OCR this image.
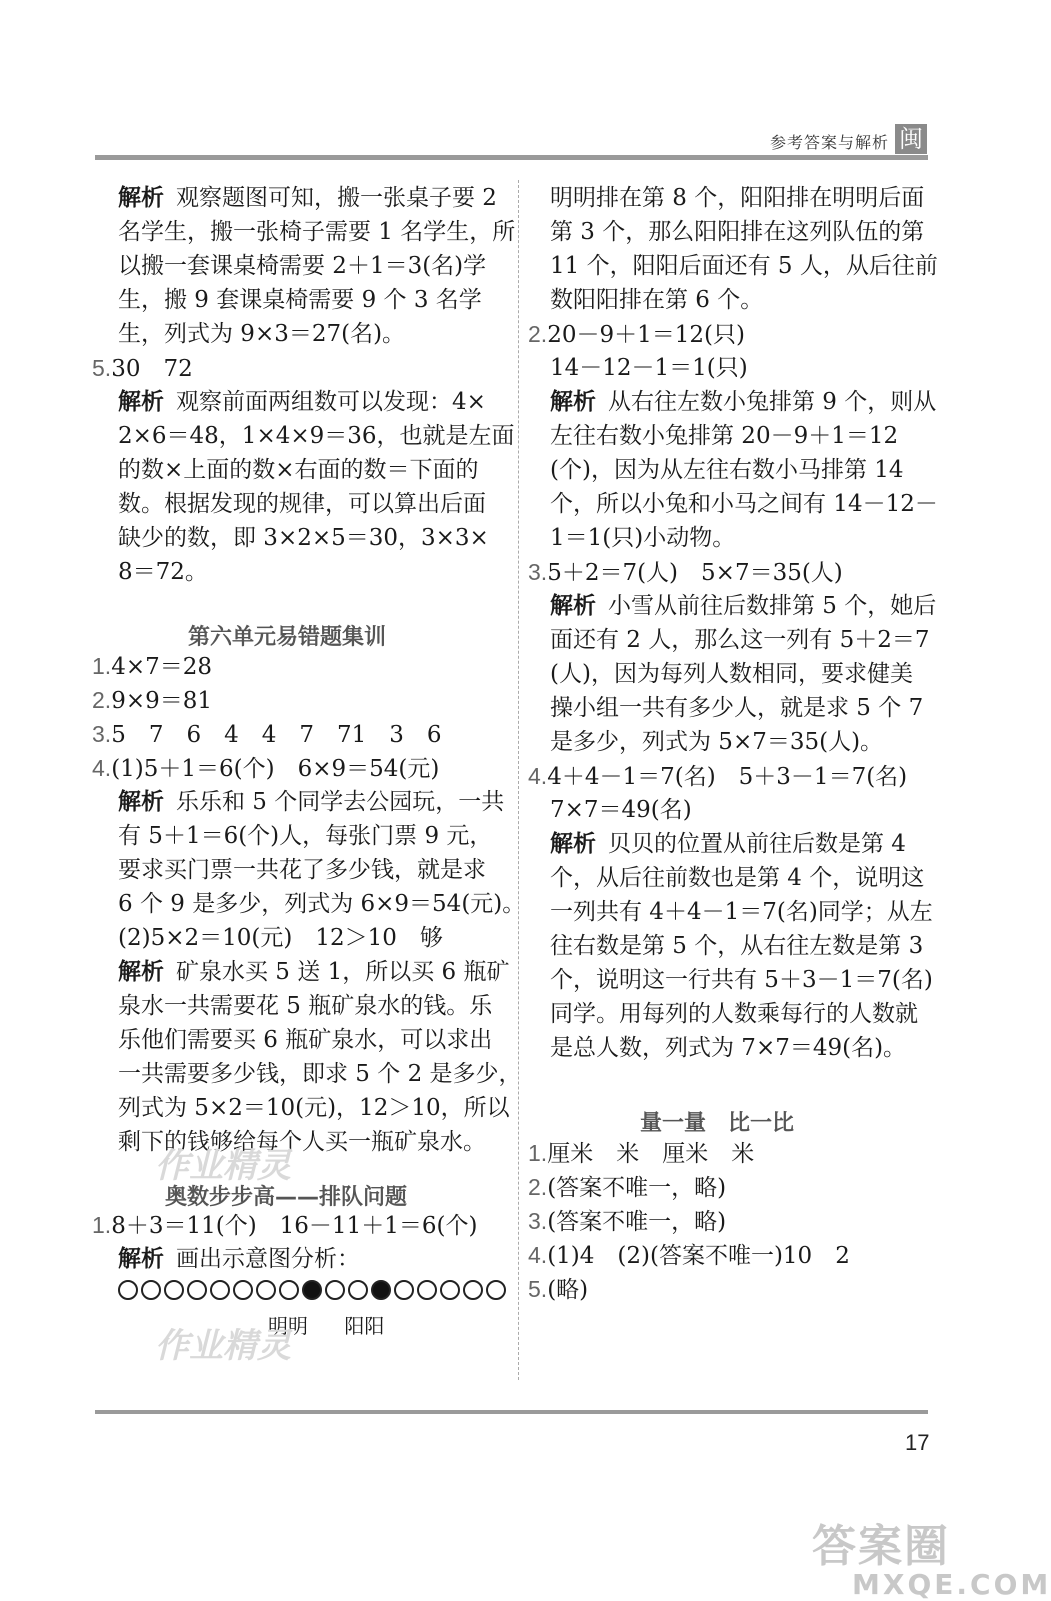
参考答案与解析 闽
解析 观察题图可知，搬一张桌子要 2
名学生，搬一张椅子需要 1 名学生，所
以搬一套课桌椅需要 2＋1＝3(名)学
生，搬 9 套课桌椅需要 9 个 3 名学
生，列式为 9×3＝27(名)。
5.30　72
解析 观察前面两组数可以发现：4×
2×6＝48，1×4×9＝36，也就是左面
的数×上面的数×右面的数＝下面的
数。根据发现的规律，可以算出后面
缺少的数，即 3×2×5＝30，3×3×
8＝72。
1.4×7＝28
2.9×9＝81
3.5　7　6　4　4　7　71　3　6
4.(1)5＋1＝6(个)　6×9＝54(元)
解析 乐乐和 5 个同学去公园玩，一共
有 5＋1＝6(个)人，每张门票 9 元，
要求买门票一共花了多少钱，就是求
6 个 9 是多少，列式为 6×9＝54(元)。
(2)5×2＝10(元)　12＞10　够
解析 矿泉水买 5 送 1，所以买 6 瓶矿
泉水一共需要花 5 瓶矿泉水的钱。乐
乐他们需要买 6 瓶矿泉水，可以求出
一共需要多少钱，即求 5 个 2 是多少，
列式为 5×2＝10(元)，12＞10，所以
剩下的钱够给每个人买一瓶矿泉水。
1.8＋3＝11(个)　16－11＋1＝6(个)
解析 画出示意图分析：
明明排在第 8 个，阳阳排在明明后面
第 3 个，那么阳阳排在这列队伍的第
11 个，阳阳后面还有 5 人，从后往前
数阳阳排在第 6 个。
2.20－9＋1＝12(只)
14－12－1＝1(只)
解析 从右往左数小兔排第 9 个，则从
左往右数小兔排第 20－9＋1＝12
(个)，因为从左往右数小马排第 14
个，所以小兔和小马之间有 14－12－
1＝1(只)小动物。
3.5＋2＝7(人)　5×7＝35(人)
解析 小雪从前往后数排第 5 个，她后
面还有 2 人，那么这一列有 5＋2＝7
(人)，因为每列人数相同，要求健美
操小组一共有多少人，就是求 5 个 7
是多少，列式为 5×7＝35(人)。
4.4＋4－1＝7(名)　5＋3－1＝7(名)
7×7＝49(名)
解析 贝贝的位置从前往后数是第 4
个，从后往前数也是第 4 个，说明这
一列共有 4＋4－1＝7(名)同学；从左
往右数是第 5 个，从右往左数是第 3
个，说明这一行共有 5＋3－1＝7(名)
同学。用每列的人数乘每行的人数就
是总人数，列式为 7×7＝49(名)。
1.厘米　米　厘米　米
2.(答案不唯一，略)
3.(答案不唯一，略)
4.(1)4　(2)(答案不唯一)10　2
5.(略)
第六单元易错题集训
奥数步步高——排队问题
量一量　比一比
明明 阳阳
作业精灵
作业精灵
17
答案圈
MXQE.COM
